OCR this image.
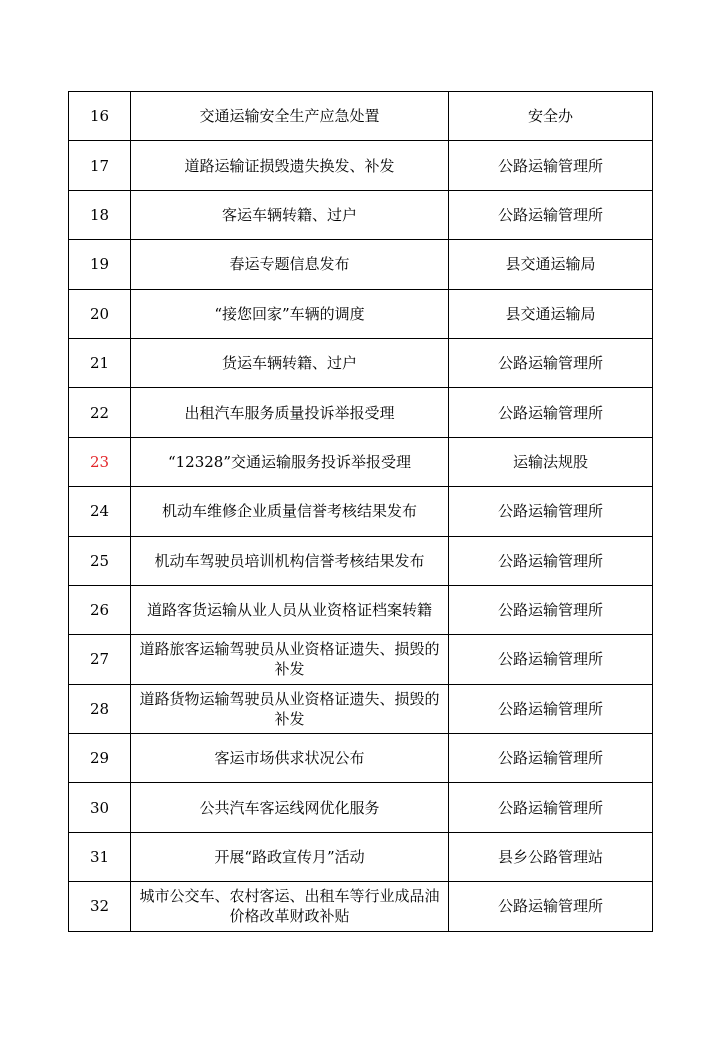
16	交通运输安全生产应急处置	安全办
17	道路运输证损毁遗失换发、补发	公路运输管理所
18	客运车辆转籍、过户	公路运输管理所
19	春运专题信息发布	县交通运输局
20	“接您回家”车辆的调度	县交通运输局
21	货运车辆转籍、过户	公路运输管理所
22	出租汽车服务质量投诉举报受理	公路运输管理所
23	“12328”交通运输服务投诉举报受理	运输法规股
24	机动车维修企业质量信誉考核结果发布	公路运输管理所
25	机动车驾驶员培训机构信誉考核结果发布	公路运输管理所
26	道路客货运输从业人员从业资格证档案转籍	公路运输管理所
27	道路旅客运输驾驶员从业资格证遗失、损毁的补发	公路运输管理所
28	道路货物运输驾驶员从业资格证遗失、损毁的补发	公路运输管理所
29	客运市场供求状况公布	公路运输管理所
30	公共汽车客运线网优化服务	公路运输管理所
31	开展“路政宣传月”活动	县乡公路管理站
32	城市公交车、农村客运、出租车等行业成品油价格改革财政补贴	公路运输管理所
